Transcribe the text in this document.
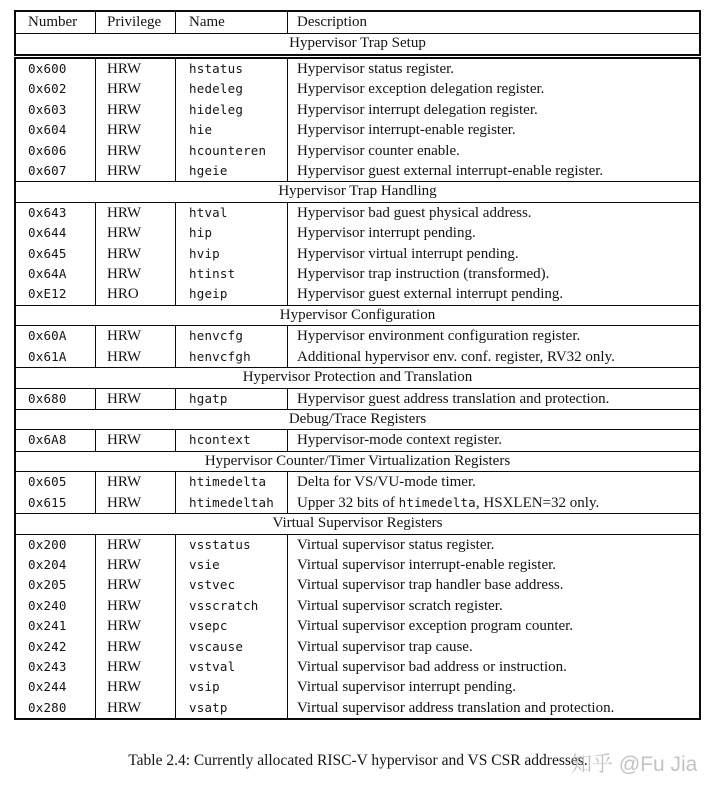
Number	Privilege	Name	Description
Hypervisor Trap Setup
0x600	HRW	hstatus	Hypervisor status register.
0x602	HRW	hedeleg	Hypervisor exception delegation register.
0x603	HRW	hideleg	Hypervisor interrupt delegation register.
0x604	HRW	hie	Hypervisor interrupt-enable register.
0x606	HRW	hcounteren	Hypervisor counter enable.
0x607	HRW	hgeie	Hypervisor guest external interrupt-enable register.
Hypervisor Trap Handling
0x643	HRW	htval	Hypervisor bad guest physical address.
0x644	HRW	hip	Hypervisor interrupt pending.
0x645	HRW	hvip	Hypervisor virtual interrupt pending.
0x64A	HRW	htinst	Hypervisor trap instruction (transformed).
0xE12	HRO	hgeip	Hypervisor guest external interrupt pending.
Hypervisor Configuration
0x60A	HRW	henvcfg	Hypervisor environment configuration register.
0x61A	HRW	henvcfgh	Additional hypervisor env. conf. register, RV32 only.
Hypervisor Protection and Translation
0x680	HRW	hgatp	Hypervisor guest address translation and protection.
Debug/Trace Registers
0x6A8	HRW	hcontext	Hypervisor-mode context register.
Hypervisor Counter/Timer Virtualization Registers
0x605	HRW	htimedelta	Delta for VS/VU-mode timer.
0x615	HRW	htimedeltah	Upper 32 bits of htimedelta, HSXLEN=32 only.
Virtual Supervisor Registers
0x200	HRW	vsstatus	Virtual supervisor status register.
0x204	HRW	vsie	Virtual supervisor interrupt-enable register.
0x205	HRW	vstvec	Virtual supervisor trap handler base address.
0x240	HRW	vsscratch	Virtual supervisor scratch register.
0x241	HRW	vsepc	Virtual supervisor exception program counter.
0x242	HRW	vscause	Virtual supervisor trap cause.
0x243	HRW	vstval	Virtual supervisor bad address or instruction.
0x244	HRW	vsip	Virtual supervisor interrupt pending.
0x280	HRW	vsatp	Virtual supervisor address translation and protection.
Table 2.4: Currently allocated RISC-V hypervisor and VS CSR addresses.
知乎 @Fu Jia
